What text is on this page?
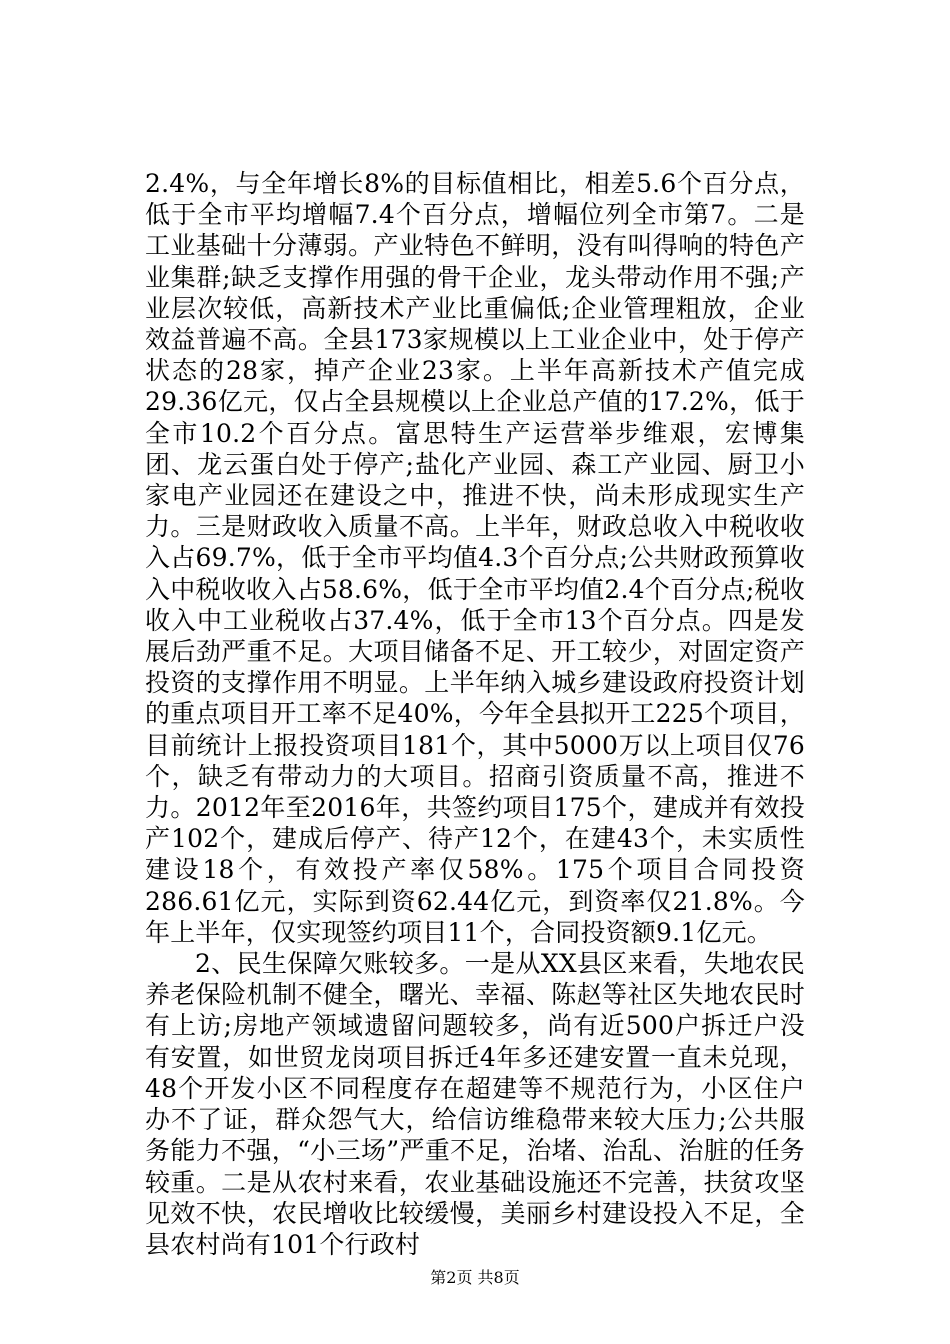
2.4%，与全年增长8%的目标值相比，相差5.6个百分点，低于全市平均增幅7.4个百分点，增幅位列全市第7。二是工业基础十分薄弱。产业特色不鲜明，没有叫得响的特色产业集群;缺乏支撑作用强的骨干企业，龙头带动作用不强;产业层次较低，高新技术产业比重偏低;企业管理粗放，企业效益普遍不高。全县173家规模以上工业企业中，处于停产状态的28家，掉产企业23家。上半年高新技术产值完成29.36亿元，仅占全县规模以上企业总产值的17.2%，低于全市10.2个百分点。富思特生产运营举步维艰，宏博集团、龙云蛋白处于停产;盐化产业园、森工产业园、厨卫小家电产业园还在建设之中，推进不快，尚未形成现实生产力。三是财政收入质量不高。上半年，财政总收入中税收收入占69.7%，低于全市平均值4.3个百分点;公共财政预算收入中税收收入占58.6%，低于全市平均值2.4个百分点;税收收入中工业税收占37.4%，低于全市13个百分点。四是发展后劲严重不足。大项目储备不足、开工较少，对固定资产投资的支撑作用不明显。上半年纳入城乡建设政府投资计划的重点项目开工率不足40%，今年全县拟开工225个项目，目前统计上报投资项目181个，其中5000万以上项目仅76个，缺乏有带动力的大项目。招商引资质量不高，推进不力。2012年至2016年，共签约项目175个，建成并有效投产102个，建成后停产、待产12个，在建43个，未实质性建设18个，有效投产率仅58%。175个项目合同投资286.61亿元，实际到资62.44亿元，到资率仅21.8%。今年上半年，仅实现签约项目11个，合同投资额9.1亿元。

2、民生保障欠账较多。一是从XX县区来看，失地农民养老保险机制不健全，曙光、幸福、陈赵等社区失地农民时有上访;房地产领域遗留问题较多，尚有近500户拆迁户没有安置，如世贸龙岗项目拆迁4年多还建安置一直未兑现，48个开发小区不同程度存在超建等不规范行为，小区住户办不了证，群众怨气大，给信访维稳带来较大压力;公共服务能力不强，“小三场”严重不足，治堵、治乱、治脏的任务较重。二是从农村来看，农业基础设施还不完善，扶贫攻坚见效不快，农民增收比较缓慢，美丽乡村建设投入不足，全县农村尚有101个行政村

第2页 共8页
